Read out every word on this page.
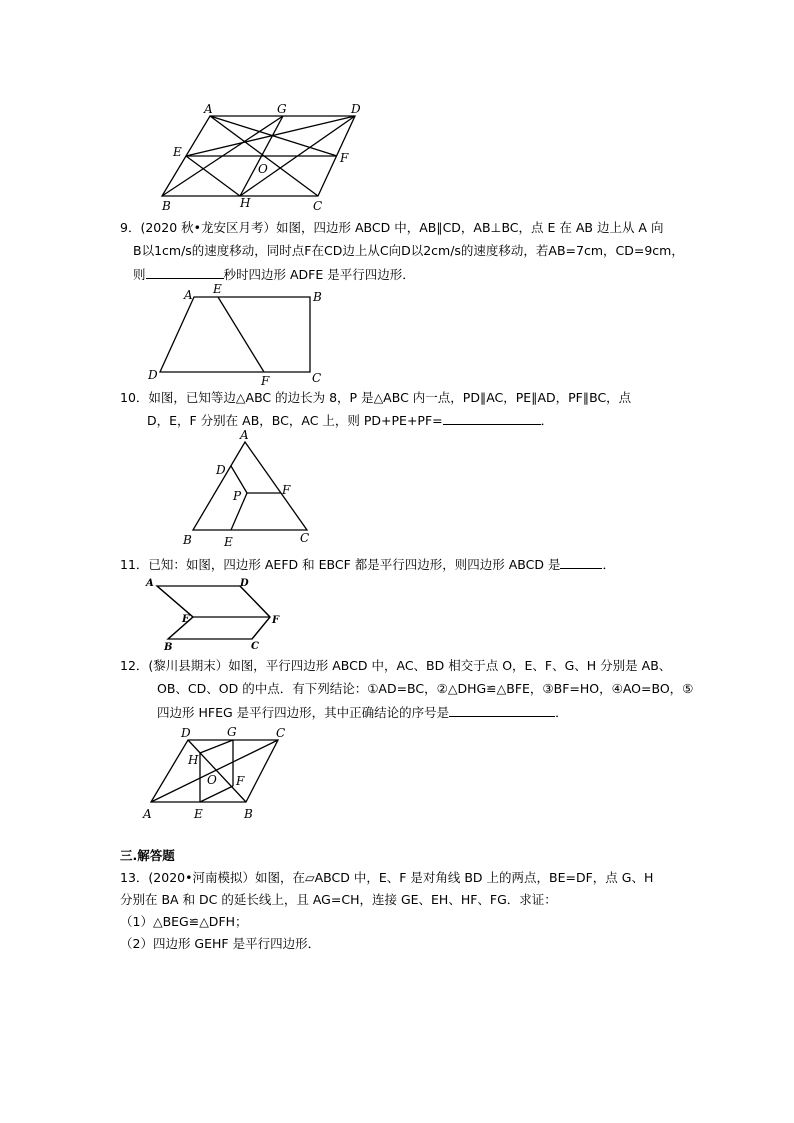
A	G	D
E
O
F
B	H	C
9．(2020 秋•龙安区月考）如图，四边形 ABCD 中，AB∥CD，AB⊥BC，点 E 在 AB 边上从 A 向
B以1cm/s的速度移动，同时点F在CD边上从C向D以2cm/s的速度移动，若AB=7cm，CD=9cm，
则	秒时四边形 ADFE 是平行四边形．
A E
B
D	F	C
10．如图，已知等边△ABC 的边长为 8，P 是△ABC 内一点，PD∥AC，PE∥AD，PF∥BC，点
D，E，F 分别在 AB，BC，AC 上，则 PD+PE+PF=	．
A
D
P	F
B	E	C
11．已知：如图，四边形 AEFD 和 EBCF 都是平行四边形，则四边形 ABCD 是	．
A	D
E	F
B	C
12．(黎川县期末）如图，平行四边形 ABCD 中，AC、BD 相交于点 O，E、F、G、H 分别是 AB、
OB、CD、OD 的中点．有下列结论：①AD=BC，②△DHG≌△BFE，③BF=HO，④AO=BO，⑤
四边形 HFEG 是平行四边形，其中正确结论的序号是	．
D	G	C
H
O F
A	E	B
三.解答题
13．(2020•河南模拟）如图，在▱ABCD 中，E、F 是对角线 BD 上的两点，BE=DF，点 G、H
分别在 BA 和 DC 的延长线上，且 AG=CH，连接 GE、EH、HF、FG．求证：
（1）△BEG≌△DFH；
（2）四边形 GEHF 是平行四边形．
